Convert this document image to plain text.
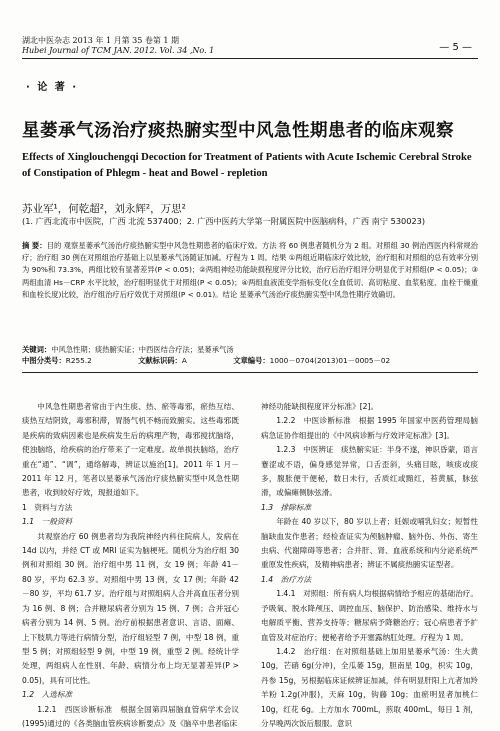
湖北中医杂志 2013 年 1 月第 35 卷第 1 期
Hubei Journal of TCM JAN. 2012. Vol. 34 ,No. 1	— 5 —
· 论 著 ·
星蒌承气汤治疗痰热腑实型中风急性期患者的临床观察
Effects of Xinglouchengqi Decoction for Treatment of Patients with Acute Ischemic Cerebral Stroke of Constipation of Phlegm - heat and Bowel - repletion
苏业军¹，何乾超²，刘永辉²，万思²
(1. 广西北流市中医院，广西 北流 537400；2. 广西中医药大学第一附属医院中医脑病科，广西 南宁 530023)
摘 要：目的 观察星蒌承气汤治疗痰热腑实型中风急性期患者的临床疗效。方法 将 60 例患者随机分为 2 组。对照组 30 例治西医内科常规治疗；治疗组 30 例在对照组治疗基础上以星蒌承气汤随证加减。疗程为 1 周。结果 ①两组近期临床疗效比较，治疗组和对照组的总有效率分别为 90%和 73.3%，两组比较有显著差异(P < 0.05)；②两组神经功能缺损程度评分比较，治疗后治疗组评分明显优于对照组(P < 0.05)；③两组血清 Hs－CRP 水平比较，治疗组明显优于对照组(P < 0.05)；④两组血液流变学指标变化(全血低切、高切粘度、血浆粘度、血栓干燥重和血栓长度)比较，治疗组治疗后疗效优于对照组(P < 0.01)。结论 星蒌承气汤治疗痰热腑实型中风急性期疗效确切。
关键词：中风急性期；痰热腑实证；中西医结合疗法；星蒌承气汤
中图分类号：R255.2	文献标识码：A	文章编号：1000－0704(2013)01－0005－02

中风急性期患者常由于内生痰、热、瘀等毒邪，瘀热互结、痰热互结阴致，毒邪积滞，胃肠气机不畅而致腑实。这些毒邪既是疾病的致病因素也是疾病发生后的病理产物，毒邪搅扰脑络，使浊脑络，给疾病的治疗带来了一定难度。故单损扶脑络，治疗重在“通”、“调”，通络解毒，辨证以施治[1]。2011 年 1 月－2011 年 12 月，笔者以星蒌承气汤治疗痰热腑实型中风急性期患者，收到较好疗效，现报道如下。

1　资料与方法

1.1　一般资料

共观察治疗 60 例患者均为我院神经内科住院病人，发病在 14d 以内，并经 CT 或 MRI 证实为脑梗死。随机分为治疗组 30 例和对照组 30 例。治疗组中男 11 例，女 19 例；年龄 41－80 岁，平均 62.3 岁。对照组中男 13 例，女 17 例；年龄 42－80 岁，平均 61.7 岁。治疗组与对照组病人合并高血压者分别为 16 例、8 例；合并糖尿病者分别为 15 例、7 例；合并冠心病者分别为 14 例、5 例。治疗前根据患者意识、言语、面瘫、上下肢肌力等进行病情分型，治疗组轻型 7 例，中型 18 例，重型 5 例；对照组轻型 9 例，中型 19 例，重型 2 例。经统计学处理，两组病人在性别、年龄、病情分布上均无显著差异(P > 0.05)，具有可比性。

1.2　入选标准

1.2.1　西医诊断标准　根据全国第四届脑血管病学术会议(1995)通过的《各类脑血管疾病诊断要点》及《脑卒中患者临床

神经功能缺损程度评分标准》[2]。

1.2.2　中医诊断标准　根据 1995 年国家中医药管理局脑病急证协作组提出的《中风病诊断与疗效评定标准》[3]。

1.2.3　中医辨证　痰热腑实证：半身不遂，神识昏蒙，语言蹇涩或不语，偏身感觉异常，口舌歪斜，头痛目眩，咳痰或痰多，腹胀便干便秘，数日未行，舌质红或黯红，苔黄腻，脉弦滑，或偏瘫侧脉弦滑。

1.3　排除标准

年龄在 40 岁以下，80 岁以上者；妊娠或哺乳妇女；短暂性脑缺血发作患者；经检查证实为颅脑肿瘤、脑外伤、外伤、寄生虫病、代谢障碍等患者；合并肝、肾、血液系统和内分泌系统严重原发性疾病，及精神病患者；辨证不属痰热腑实证型者。

1.4　治疗方法

1.4.1　对照组：所有病人均根据病情给予相应的基础治疗。予吸氧、脱水降颅压、调控血压、脑保护、防治感染、维持水与电解质平衡、营养支持等；糖尿病予降糖治疗；冠心病患者予扩血管及对症治疗；便秘者给予开塞露纳肛处理。疗程为 1 周。

1.4.2　治疗组：在对照组基础上加用星蒌承气汤：生大黄 10g，芒硝 6g(分冲)，全瓜蒌 15g，胆南星 10g，枳实 10g，丹参 15g，另根据临床证候辨证加减，伴有明显肝阳上亢者加羚羊粉 1.2g(冲服)，天麻 10g，钩藤 10g；血瘀明显者加桃仁 10g，红花 6g。上方加水 700mL，煎取 400mL，每日 1 剂，分早晚两次饭后服服。意识
